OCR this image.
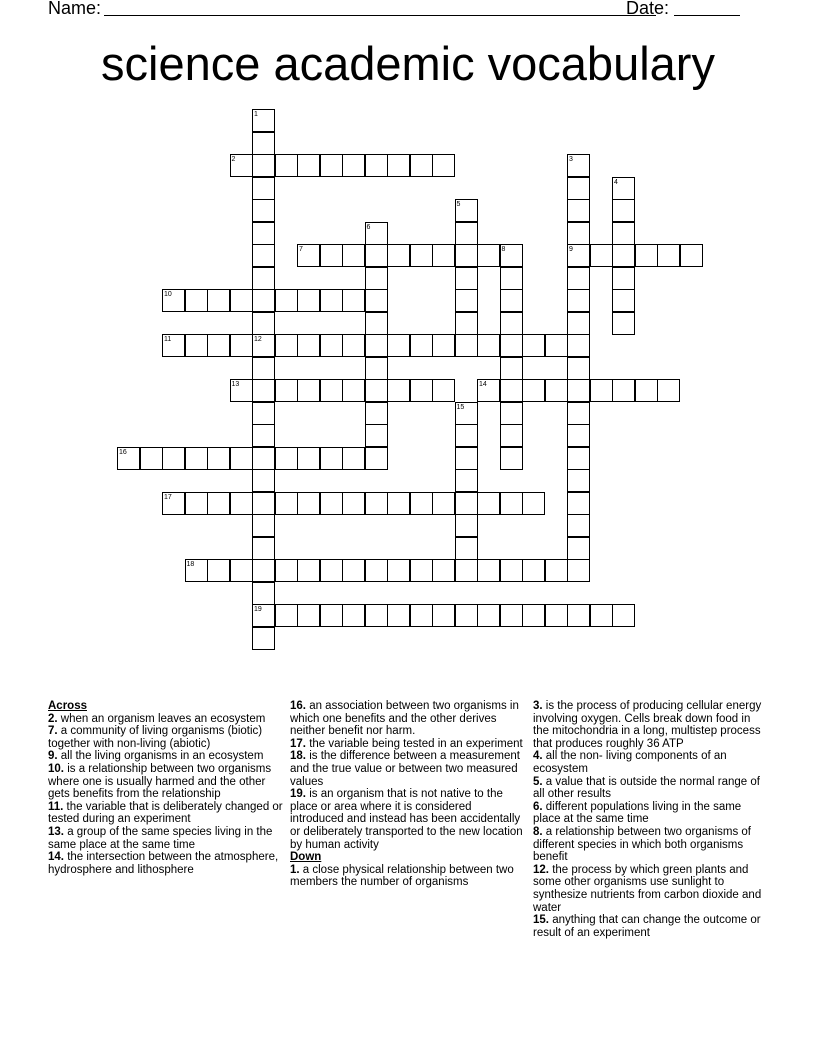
Name:	Date:
science academic vocabulary
1
2	3
4
5
6
7	8	9
10
11	12
13	14
15
16
17
18
19

Across

2. when an organism leaves an ecosystem

7. a community of living organisms (biotic) together with non-living (abiotic)

9. all the living organisms in an ecosystem

10. is a relationship between two organisms where one is usually harmed and the other gets benefits from the relationship

11. the variable that is deliberately changed or tested during an experiment

13. a group of the same species living in the same place at the same time

14. the intersection between the atmosphere, hydrosphere and lithosphere

16. an association between two organisms in which one benefits and the other derives neither benefit nor harm.

17. the variable being tested in an experiment

18. is the difference between a measurement and the true value or between two measured values

19. is an organism that is not native to the place or area where it is considered introduced and instead has been accidentally or deliberately transported to the new location by human activity

Down

1. a close physical relationship between two members the number of organisms

3. is the process of producing cellular energy involving oxygen. Cells break down food in the mitochondria in a long, multistep process that produces roughly 36 ATP

4. all the non- living components of an ecosystem

5. a value that is outside the normal range of all other results

6. different populations living in the same place at the same time

8. a relationship between two organisms of different species in which both organisms benefit

12. the process by which green plants and some other organisms use sunlight to synthesize nutrients from carbon dioxide and water

15. anything that can change the outcome or result of an experiment
